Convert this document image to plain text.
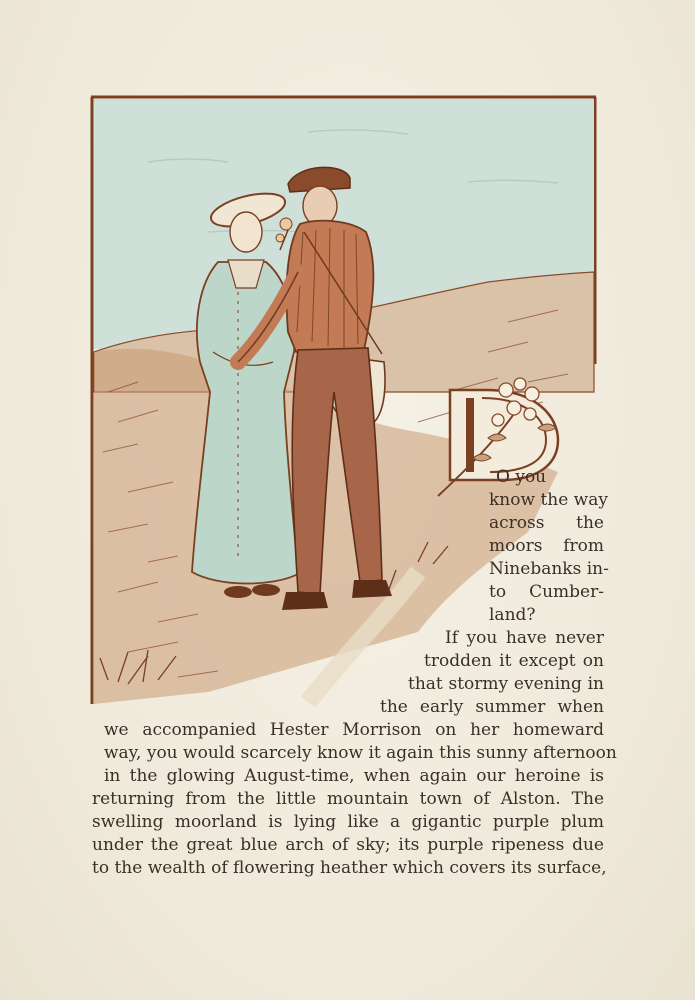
O you
know the way
across the
moors from
Ninebanks in-
to Cumber-
land?
If you have never
trodden it except on
that stormy evening in
the early summer when
we accompanied Hester Morrison on her homeward
way, you would scarcely know it again this sunny afternoon
in the glowing August-time, when again our heroine is
returning from the little mountain town of Alston. The
swelling moorland is lying like a gigantic purple plum
under the great blue arch of sky; its purple ripeness due
to the wealth of flowering heather which covers its surface,
